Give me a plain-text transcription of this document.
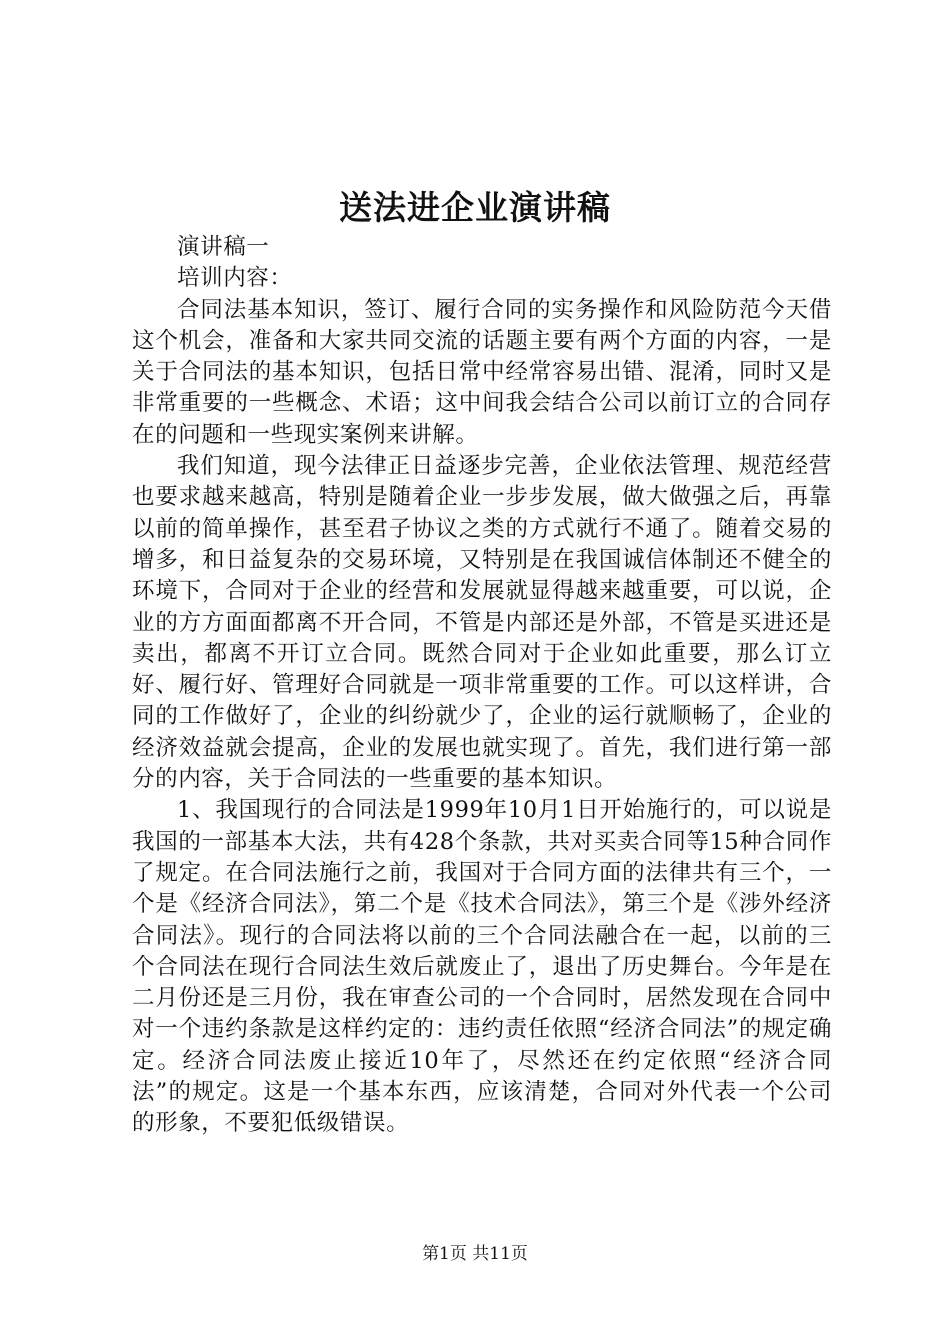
送法进企业演讲稿

演讲稿一

培训内容：

合同法基本知识，签订、履行合同的实务操作和风险防范今天借这个机会，准备和大家共同交流的话题主要有两个方面的内容，一是关于合同法的基本知识，包括日常中经常容易出错、混淆，同时又是非常重要的一些概念、术语；这中间我会结合公司以前订立的合同存在的问题和一些现实案例来讲解。

我们知道，现今法律正日益逐步完善，企业依法管理、规范经营也要求越来越高，特别是随着企业一步步发展，做大做强之后，再靠以前的简单操作，甚至君子协议之类的方式就行不通了。随着交易的增多，和日益复杂的交易环境，又特别是在我国诚信体制还不健全的环境下，合同对于企业的经营和发展就显得越来越重要，可以说，企业的方方面面都离不开合同，不管是内部还是外部，不管是买进还是卖出，都离不开订立合同。既然合同对于企业如此重要，那么订立好、履行好、管理好合同就是一项非常重要的工作。可以这样讲，合同的工作做好了，企业的纠纷就少了，企业的运行就顺畅了，企业的经济效益就会提高，企业的发展也就实现了。首先，我们进行第一部分的内容，关于合同法的一些重要的基本知识。

1、我国现行的合同法是1999年10月1日开始施行的，可以说是我国的一部基本大法，共有428个条款，共对买卖合同等15种合同作了规定。在合同法施行之前，我国对于合同方面的法律共有三个，一个是《经济合同法》，第二个是《技术合同法》，第三个是《涉外经济合同法》。现行的合同法将以前的三个合同法融合在一起，以前的三个合同法在现行合同法生效后就废止了，退出了历史舞台。今年是在二月份还是三月份，我在审查公司的一个合同时，居然发现在合同中对一个违约条款是这样约定的：违约责任依照“经济合同法”的规定确定。经济合同法废止接近10年了，尽然还在约定依照“经济合同法”的规定。这是一个基本东西，应该清楚，合同对外代表一个公司的形象，不要犯低级错误。

第1页 共11页
